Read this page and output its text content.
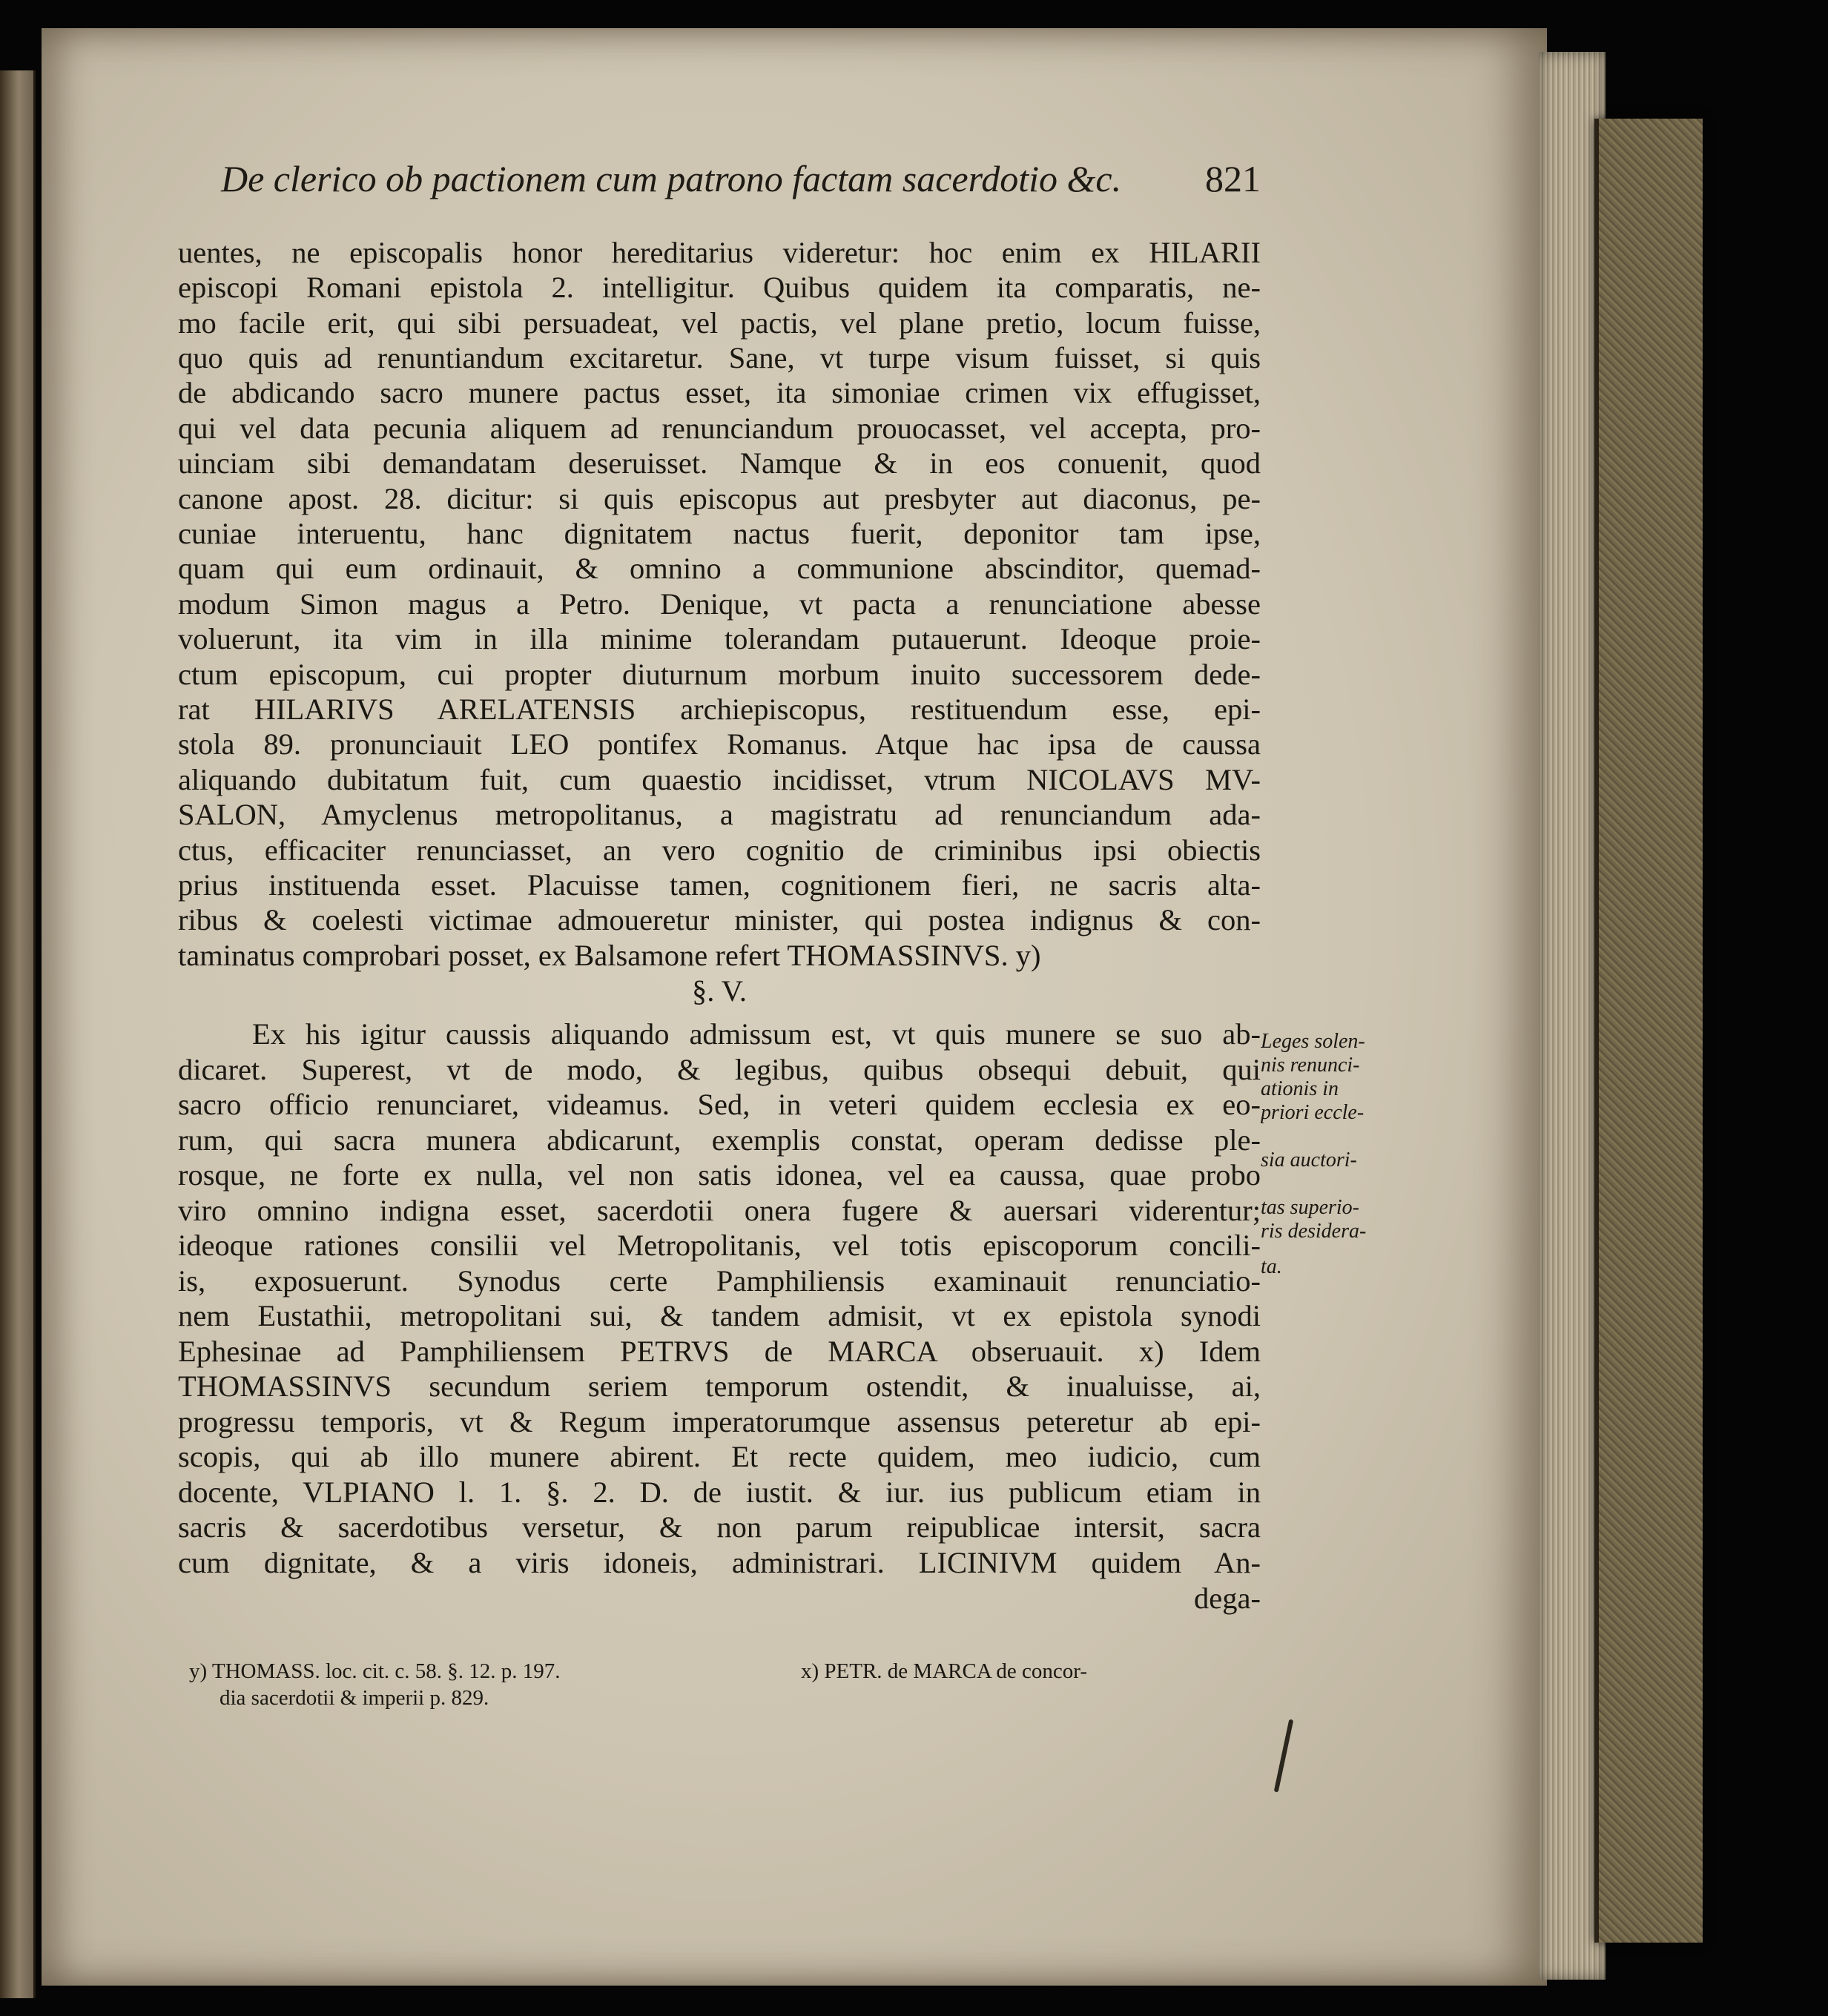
De clerico ob pactionem cum patrono factam sacerdotio &c.	821
uentes, ne episcopalis honor hereditarius videretur: hoc enim ex HILARII
episcopi Romani epistola 2. intelligitur. Quibus quidem ita comparatis, ne-
mo facile erit, qui sibi persuadeat, vel pactis, vel plane pretio, locum fuisse,
quo quis ad renuntiandum excitaretur. Sane, vt turpe visum fuisset, si quis
de abdicando sacro munere pactus esset, ita simoniae crimen vix effugisset,
qui vel data pecunia aliquem ad renunciandum prouocasset, vel accepta, pro-
uinciam sibi demandatam deseruisset. Namque & in eos conuenit, quod
canone apost. 28. dicitur: si quis episcopus aut presbyter aut diaconus, pe-
cuniae interuentu, hanc dignitatem nactus fuerit, deponitor tam ipse,
quam qui eum ordinauit, & omnino a communione abscinditor, quemad-
modum Simon magus a Petro. Denique, vt pacta a renunciatione abesse
voluerunt, ita vim in illa minime tolerandam putauerunt. Ideoque proie-
ctum episcopum, cui propter diuturnum morbum inuito successorem dede-
rat HILARIVS ARELATENSIS archiepiscopus, restituendum esse, epi-
stola 89. pronunciauit LEO pontifex Romanus. Atque hac ipsa de caussa
aliquando dubitatum fuit, cum quaestio incidisset, vtrum NICOLAVS MV-
SALON, Amyclenus metropolitanus, a magistratu ad renunciandum ada-
ctus, efficaciter renunciasset, an vero cognitio de criminibus ipsi obiectis
prius instituenda esset. Placuisse tamen, cognitionem fieri, ne sacris alta-
ribus & coelesti victimae admoueretur minister, qui postea indignus & con-
taminatus comprobari posset, ex Balsamone refert THOMASSINVS. y)
§. V.
Ex his igitur caussis aliquando admissum est, vt quis munere se suo ab-
dicaret. Superest, vt de modo, & legibus, quibus obsequi debuit, qui
sacro officio renunciaret, videamus. Sed, in veteri quidem ecclesia ex eo-
rum, qui sacra munera abdicarunt, exemplis constat, operam dedisse ple-
rosque, ne forte ex nulla, vel non satis idonea, vel ea caussa, quae probo
viro omnino indigna esset, sacerdotii onera fugere & auersari viderentur;
ideoque rationes consilii vel Metropolitanis, vel totis episcoporum concili-
is, exposuerunt. Synodus certe Pamphiliensis examinauit renunciatio-
nem Eustathii, metropolitani sui, & tandem admisit, vt ex epistola synodi
Ephesinae ad Pamphiliensem PETRVS de MARCA obseruauit. x) Idem
THOMASSINVS secundum seriem temporum ostendit, & inualuisse, ai,
progressu temporis, vt & Regum imperatorumque assensus peteretur ab epi-
scopis, qui ab illo munere abirent. Et recte quidem, meo iudicio, cum
docente, VLPIANO l. 1. §. 2. D. de iustit. & iur. ius publicum etiam in
sacris & sacerdotibus versetur, & non parum reipublicae intersit, sacra
cum dignitate, & a viris idoneis, administrari. LICINIVM quidem An-
dega-
Leges solen-
nis renunci-
ationis in
priori eccle-
sia auctori-
tas superio-
ris desidera-
ta.
y) THOMASS. loc. cit. c. 58. §. 12. p. 197.
dia sacerdotii & imperii p. 829.
x) PETR. de MARCA de concor-
